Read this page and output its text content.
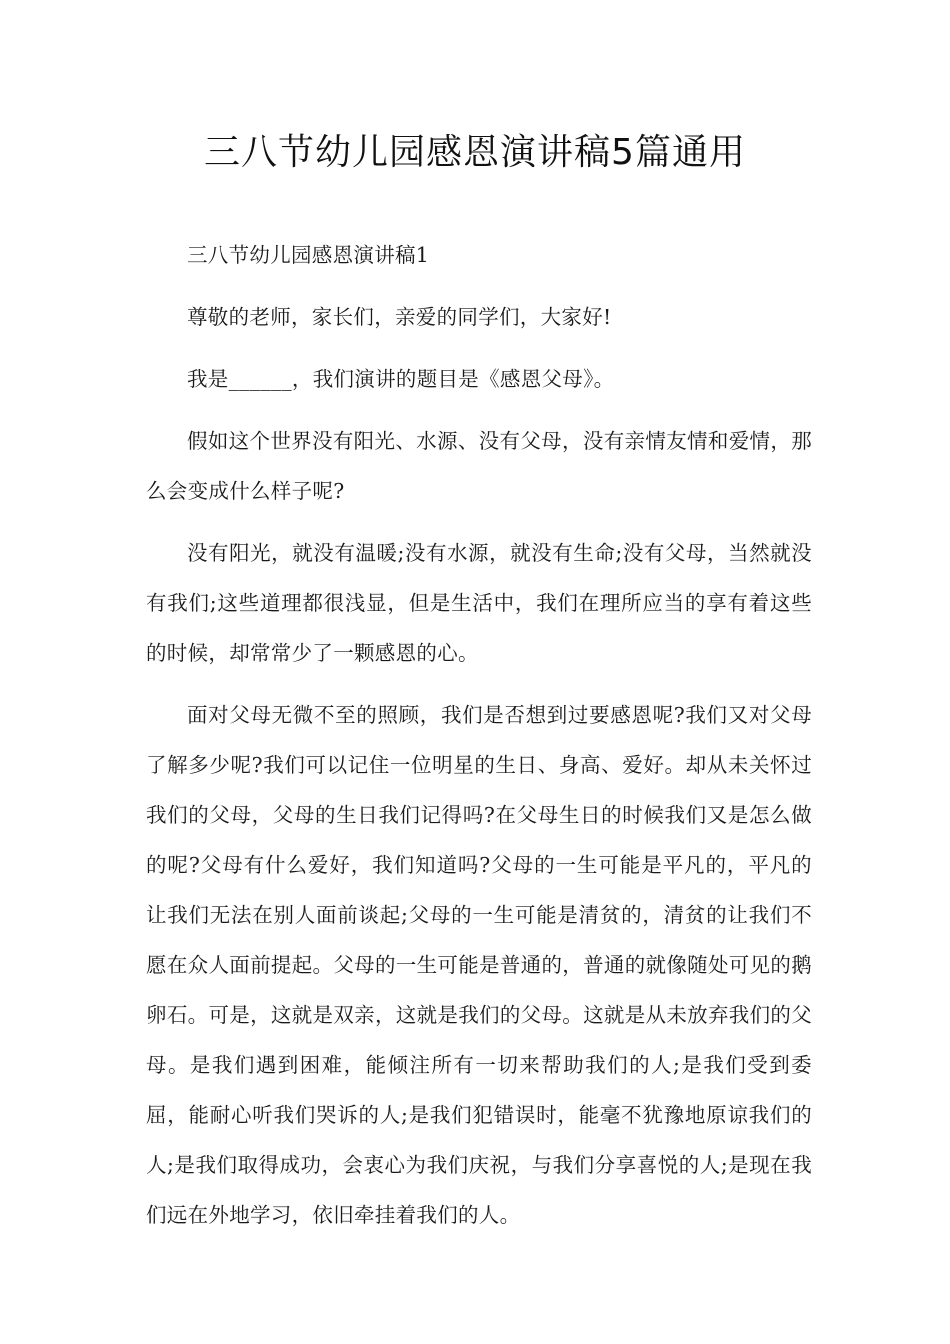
三八节幼儿园感恩演讲稿5篇通用

三八节幼儿园感恩演讲稿1

尊敬的老师，家长们，亲爱的同学们，大家好!

我是______，我们演讲的题目是《感恩父母》。

假如这个世界没有阳光、水源、没有父母，没有亲情友情和爱情，那么会变成什么样子呢?

没有阳光，就没有温暖;没有水源，就没有生命;没有父母，当然就没有我们;这些道理都很浅显，但是生活中，我们在理所应当的享有着这些的时候，却常常少了一颗感恩的心。

面对父母无微不至的照顾，我们是否想到过要感恩呢?我们又对父母了解多少呢?我们可以记住一位明星的生日、身高、爱好。却从未关怀过我们的父母，父母的生日我们记得吗?在父母生日的时候我们又是怎么做的呢?父母有什么爱好，我们知道吗?父母的一生可能是平凡的，平凡的让我们无法在别人面前谈起;父母的一生可能是清贫的，清贫的让我们不愿在众人面前提起。父母的一生可能是普通的，普通的就像随处可见的鹅卵石。可是，这就是双亲，这就是我们的父母。这就是从未放弃我们的父母。是我们遇到困难，能倾注所有一切来帮助我们的人;是我们受到委屈，能耐心听我们哭诉的人;是我们犯错误时，能毫不犹豫地原谅我们的人;是我们取得成功，会衷心为我们庆祝，与我们分享喜悦的人;是现在我们远在外地学习，依旧牵挂着我们的人。
